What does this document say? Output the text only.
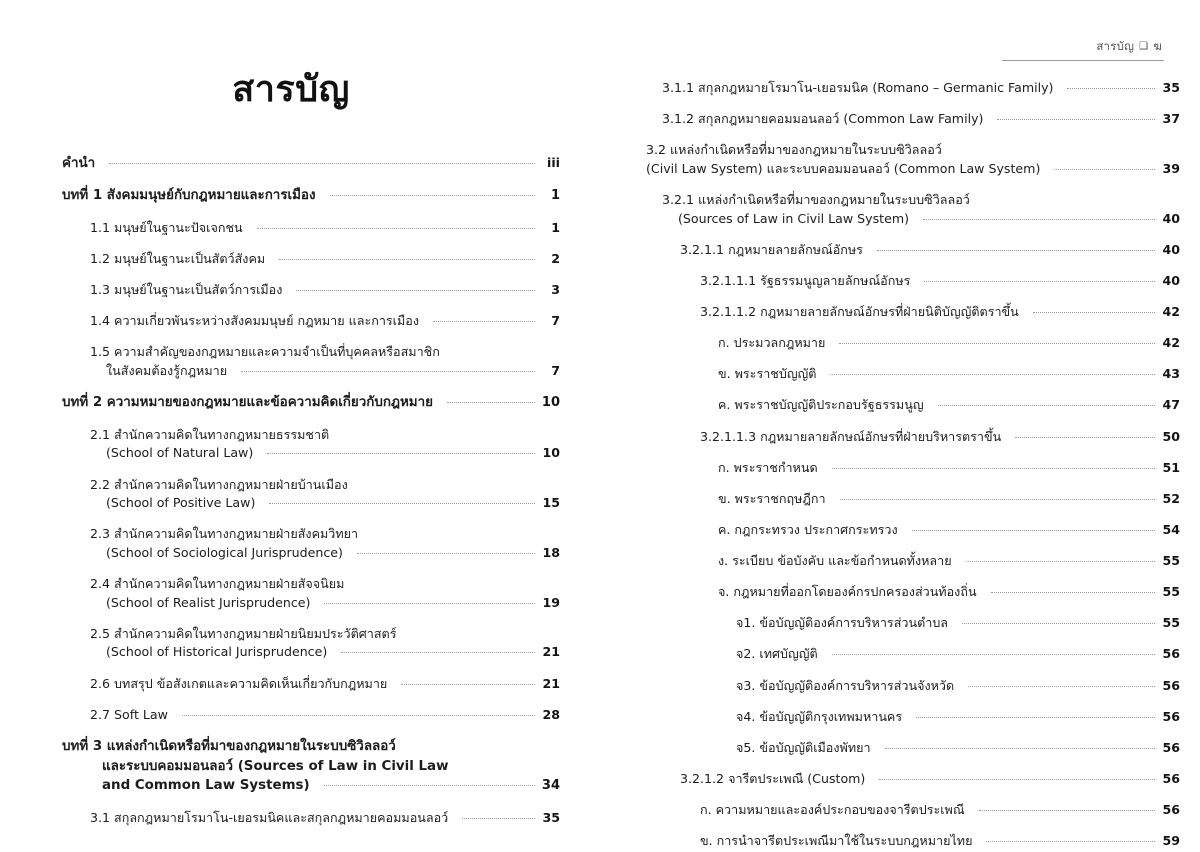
สารบัญ
คำนำ	iii
บทที่ 1 สังคมมนุษย์กับกฎหมายและการเมือง	1
1.1 มนุษย์ในฐานะปัจเจกชน	1
1.2 มนุษย์ในฐานะเป็นสัตว์สังคม	2
1.3 มนุษย์ในฐานะเป็นสัตว์การเมือง	3
1.4 ความเกี่ยวพันระหว่างสังคมมนุษย์ กฎหมาย และการเมือง	7
1.5 ความสำคัญของกฎหมายและความจำเป็นที่บุคคลหรือสมาชิก
ในสังคมต้องรู้กฎหมาย	7
บทที่ 2 ความหมายของกฎหมายและข้อความคิดเกี่ยวกับกฎหมาย	10
2.1 สำนักความคิดในทางกฎหมายธรรมชาติ
(School of Natural Law)	10
2.2 สำนักความคิดในทางกฎหมายฝ่ายบ้านเมือง
(School of Positive Law)	15
2.3 สำนักความคิดในทางกฎหมายฝ่ายสังคมวิทยา
(School of Sociological Jurisprudence)	18
2.4 สำนักความคิดในทางกฎหมายฝ่ายสัจจนิยม
(School of Realist Jurisprudence)	19
2.5 สำนักความคิดในทางกฎหมายฝ่ายนิยมประวัติศาสตร์
(School of Historical Jurisprudence)	21
2.6 บทสรุป ข้อสังเกตและความคิดเห็นเกี่ยวกับกฎหมาย	21
2.7 Soft Law	28
บทที่ 3 แหล่งกำเนิดหรือที่มาของกฎหมายในระบบซิวิลลอว์
และระบบคอมมอนลอว์ (Sources of Law in Civil Law
and Common Law Systems)	34
3.1 สกุลกฎหมายโรมาโน-เยอรมนิคและสกุลกฎหมายคอมมอนลอว์	35
สารบัญ ❑ ฆ
3.1.1 สกุลกฎหมายโรมาโน-เยอรมนิค (Romano – Germanic Family)	35
3.1.2 สกุลกฎหมายคอมมอนลอว์ (Common Law Family)	37
3.2 แหล่งกำเนิดหรือที่มาของกฎหมายในระบบซิวิลลอว์
(Civil Law System) และระบบคอมมอนลอว์ (Common Law System)	39
3.2.1 แหล่งกำเนิดหรือที่มาของกฎหมายในระบบซิวิลลอว์
(Sources of Law in Civil Law System)	40
3.2.1.1 กฎหมายลายลักษณ์อักษร	40
3.2.1.1.1 รัฐธรรมนูญลายลักษณ์อักษร	40
3.2.1.1.2 กฎหมายลายลักษณ์อักษรที่ฝ่ายนิติบัญญัติตราขึ้น	42
ก. ประมวลกฎหมาย	42
ข. พระราชบัญญัติ	43
ค. พระราชบัญญัติประกอบรัฐธรรมนูญ	47
3.2.1.1.3 กฎหมายลายลักษณ์อักษรที่ฝ่ายบริหารตราขึ้น	50
ก. พระราชกำหนด	51
ข. พระราชกฤษฎีกา	52
ค. กฎกระทรวง ประกาศกระทรวง	54
ง. ระเบียบ ข้อบังคับ และข้อกำหนดทั้งหลาย	55
จ. กฎหมายที่ออกโดยองค์กรปกครองส่วนท้องถิ่น	55
จ1. ข้อบัญญัติองค์การบริหารส่วนตำบล	55
จ2. เทศบัญญัติ	56
จ3. ข้อบัญญัติองค์การบริหารส่วนจังหวัด	56
จ4. ข้อบัญญัติกรุงเทพมหานคร	56
จ5. ข้อบัญญัติเมืองพัทยา	56
3.2.1.2 จารีตประเพณี (Custom)	56
ก. ความหมายและองค์ประกอบของจารีตประเพณี	56
ข. การนำจารีตประเพณีมาใช้ในระบบกฎหมายไทย	59
